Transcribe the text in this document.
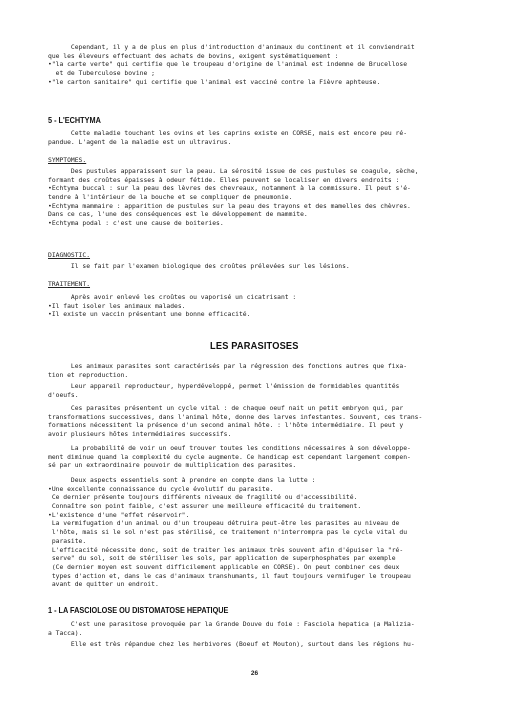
Cependant, il y a de plus en plus d'introduction d'animaux du continent et il conviendrait
que les éleveurs effectuant des achats de bovins, exigent systématiquement :
•"la carte verte" qui certifie que le troupeau d'origine de l'animal est indemne de Brucellose
et de Tuberculose bovine ;
•"le carton sanitaire" qui certifie que l'animal est vacciné contre la Fièvre aphteuse.
5 - L'ECHTYMA
Cette maladie touchant les ovins et les caprins existe en CORSE, mais est encore peu ré-
pandue. L'agent de la maladie est un ultravirus.
SYMPTOMES.
Des pustules apparaissent sur la peau. La sérosité issue de ces pustules se coagule, sèche,
formant des croûtes épaisses à odeur fétide. Elles peuvent se localiser en divers endroits :
•Echtyma buccal : sur la peau des lèvres des chevreaux, notamment à la commissure. Il peut s'é-
tendre à l'intérieur de la bouche et se compliquer de pneumonie.
•Echtyma mammaire : apparition de pustules sur la peau des trayons et des mamelles des chèvres.
Dans ce cas, l'une des conséquences est le développement de mammite.
•Echtyma podal : c'est une cause de boiteries.
DIAGNOSTIC.
Il se fait par l'examen biologique des croûtes prélevées sur les lésions.
TRAITEMENT.
Après avoir enlevé les croûtes ou vaporisé un cicatrisant :
•Il faut isoler les animaux malades.
•Il existe un vaccin présentant une bonne efficacité.
LES PARASITOSES
Les animaux parasites sont caractérisés par la régression des fonctions autres que fixa-
tion et reproduction.
Leur appareil reproducteur, hyperdéveloppé, permet l'émission de formidables quantités
d'oeufs.
Ces parasites présentent un cycle vital : de chaque oeuf nait un petit embryon qui, par
transformations successives, dans l'animal hôte, donne des larves infestantes. Souvent, ces trans-
formations nécessitent la présence d'un second animal hôte. : l'hôte intermédiaire. Il peut y
avoir plusieurs hôtes intermédiaires successifs.
La probabilité de voir un oeuf trouver toutes les conditions nécessaires à son développe-
ment diminue quand la complexité du cycle augmente. Ce handicap est cependant largement compen-
sé par un extraordinaire pouvoir de multiplication des parasites.
Deux aspects essentiels sont à prendre en compte dans la lutte :
•Une excellente connaissance du cycle évolutif du parasite.
Ce dernier présente toujours différents niveaux de fragilité ou d'accessibilité.
Connaître son point faible, c'est assurer une meilleure efficacité du traitement.
•L'existence d'une "effet réservoir".
La vermifugation d'un animal ou d'un troupeau détruira peut-être les parasites au niveau de
l'hôte, mais si le sol n'est pas stérilisé, ce traitement n'interrompra pas le cycle vital du
parasite.
L'efficacité nécessite donc, soit de traiter les animaux très souvent afin d'épuiser la "ré-
serve" du sol, soit de stériliser les sols, par application de superphosphates par exemple
(Ce dernier moyen est souvent difficilement applicable en CORSE). On peut combiner ces deux
types d'action et, dans le cas d'animaux transhumants, il faut toujours vermifuger le troupeau
avant de quitter un endroit.
1 - LA FASCIOLOSE OU DISTOMATOSE HEPATIQUE
C'est une parasitose provoquée par la Grande Douve du foie : Fasciola hepatica (a Malizia-
a Tacca).
Elle est très répandue chez les herbivores (Boeuf et Mouton), surtout dans les régions hu-
26
